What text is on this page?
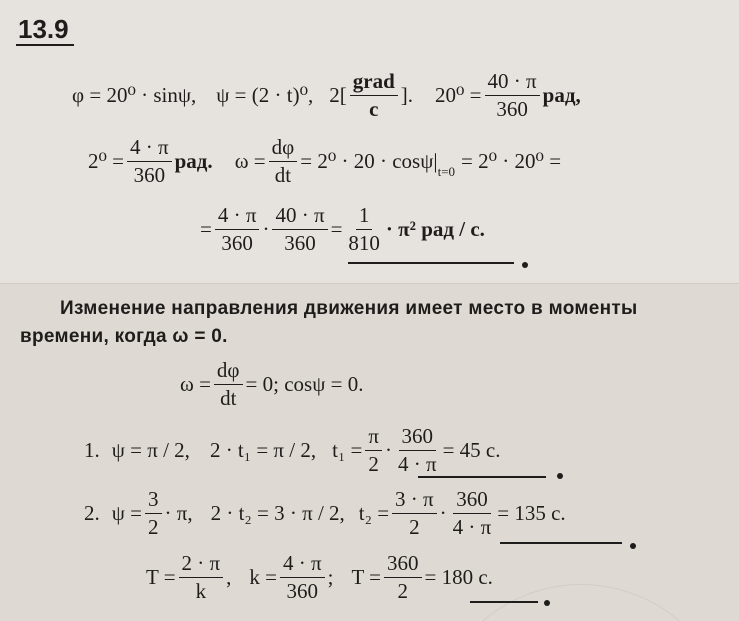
13.9
φ = 20⁰ · sinψ, ψ = (2 · t)⁰, $2[ \frac{\text{grad}}{c}$ ]. $20^0 = \frac{40 \cdot \pi}{360}$ рад,
$2^0 = \frac{4 \cdot \pi}{360}$ рад. $\omega = \frac{d\varphi}{dt} = 2^0 \cdot 20 \cdot \cos\psi|_{t=0} = 2^0 \cdot 20^0$ =
= $\frac{4 \cdot \pi}{360} \cdot \frac{40 \cdot \pi}{360} = \frac{1}{810} \cdot \pi^2$ рад / с.
Изменение направления движения имеет место в моменты
времени, когда ω = 0.
$\omega = \frac{d\varphi}{dt} = 0$; cosψ = 0.
1. ψ = π / 2, 2 · t₁ = π / 2, $t_1 = \frac{\pi}{2} \cdot \frac{360}{4 \cdot \pi} = 45$ с.
2. $\psi = \frac{3}{2} \cdot \pi$, 2 · t₂ = 3 · π / 2, $t_2 = \frac{3 \cdot \pi}{2} \cdot \frac{360}{4 \cdot \pi} = 135$ с.
$T = \frac{2 \cdot \pi}{k}$ , $k = \frac{4 \cdot \pi}{360}$ ; $T = \frac{360}{2} = 180$ с.
